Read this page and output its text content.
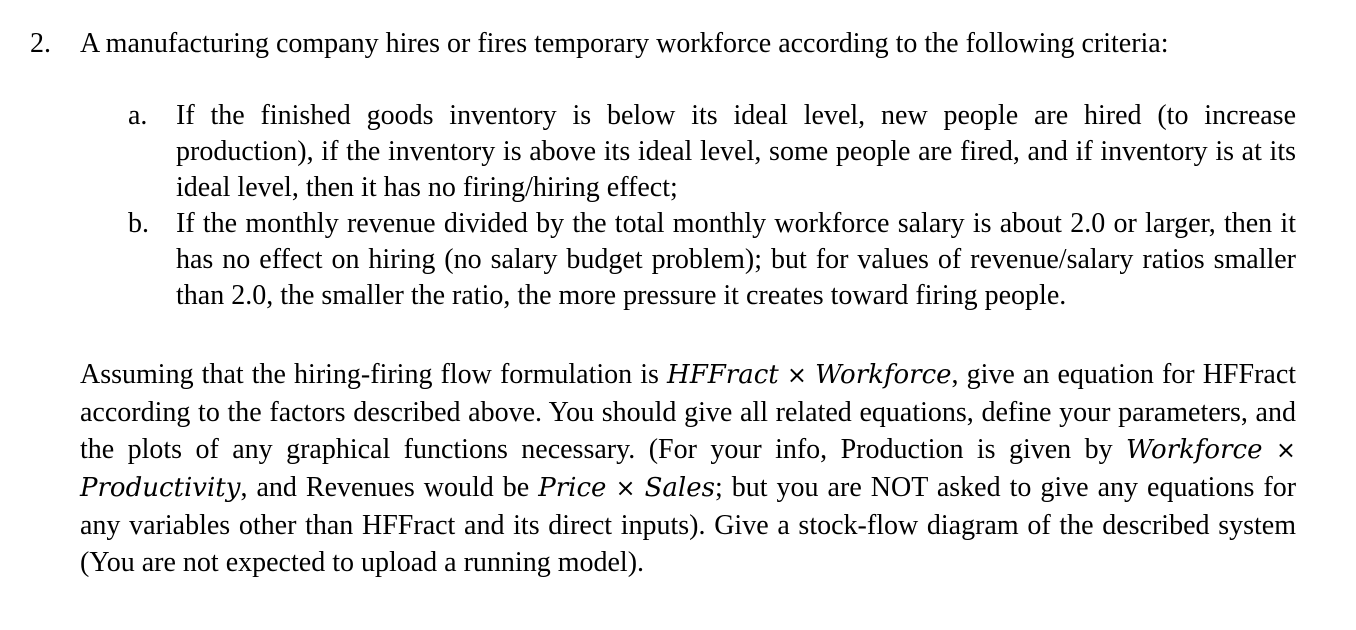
2. A manufacturing company hires or fires temporary workforce according to the following criteria:
a.	If the finished goods inventory is below its ideal level, new people are hired (to increase production), if the inventory is above its ideal level, some people are fired, and if inventory is at its ideal level, then it has no firing/hiring effect;
b. If the monthly revenue divided by the total monthly workforce salary is about 2.0 or larger, then it has no effect on hiring (no salary budget problem); but for values of revenue/salary ratios smaller than 2.0, the smaller the ratio, the more pressure it creates toward firing people.
Assuming that the hiring-firing flow formulation is HFFract × Workforce, give an equation for HFFract according to the factors described above. You should give all related equations, define your parameters, and the plots of any graphical functions necessary. (For your info, Production is given by Workforce × Productivity, and Revenues would be Price × Sales; but you are NOT asked to give any equations for any variables other than HFFract and its direct inputs). Give a stock-flow diagram of the described system (You are not expected to upload a running model).
